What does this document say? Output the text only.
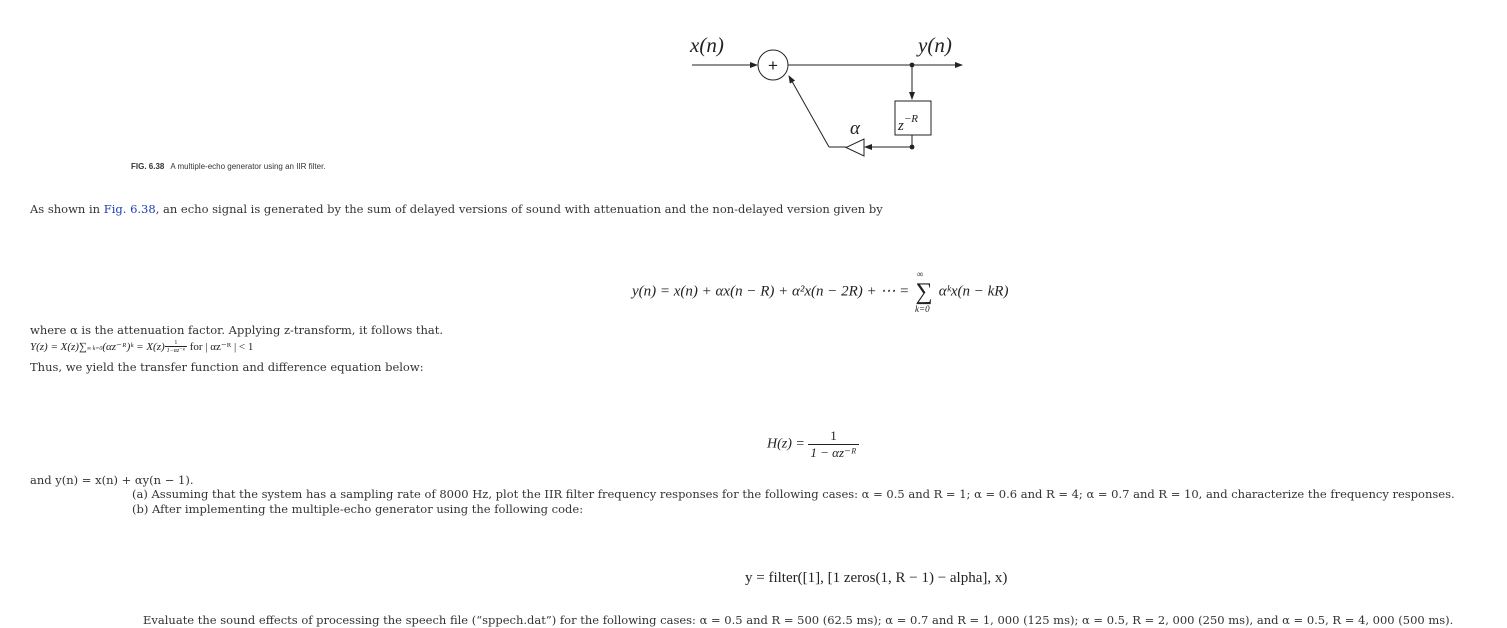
+
$z^{-R}$
x(n)	y(n)
α
FIG. 6.38 A multiple-echo generator using an IIR filter.
As shown in Fig. 6.38, an echo signal is generated by the sum of delayed versions of sound with attenuation and the non-delayed version given by
y(n) = x(n) + αx(n − R) + α²x(n − 2R) + ⋯ =
∞
∑
k=0
αᵏx(n − kR)
where α is the attenuation factor. Applying z-transform, it follows that.
Y(z) = X(z)∑∞ k=0(αz⁻ᴿ)ᵏ = $X(z) \frac{1}{\text{1−αz⁻ᴿ}}$ for | αz⁻ᴿ | < 1
Thus, we yield the transfer function and difference equation below:
$H(z) = \frac{1}{\text{1 − αz⁻ᴿ}}$
and y(n) = x(n) + αy(n − 1).
(a) Assuming that the system has a sampling rate of 8000 Hz, plot the IIR filter frequency responses for the following cases: α = 0.5 and R = 1; α = 0.6 and R = 4; α = 0.7 and R = 10, and characterize the frequency responses.
(b) After implementing the multiple-echo generator using the following code:
y = filter([1], [1 zeros(1, R − 1) − alpha], x)
Evaluate the sound effects of processing the speech file (“sppech.dat”) for the following cases: α = 0.5 and R = 500 (62.5 ms); α = 0.7 and R = 1, 000 (125 ms); α = 0.5, R = 2, 000 (250 ms), and α = 0.5, R = 4, 000 (500 ms).
